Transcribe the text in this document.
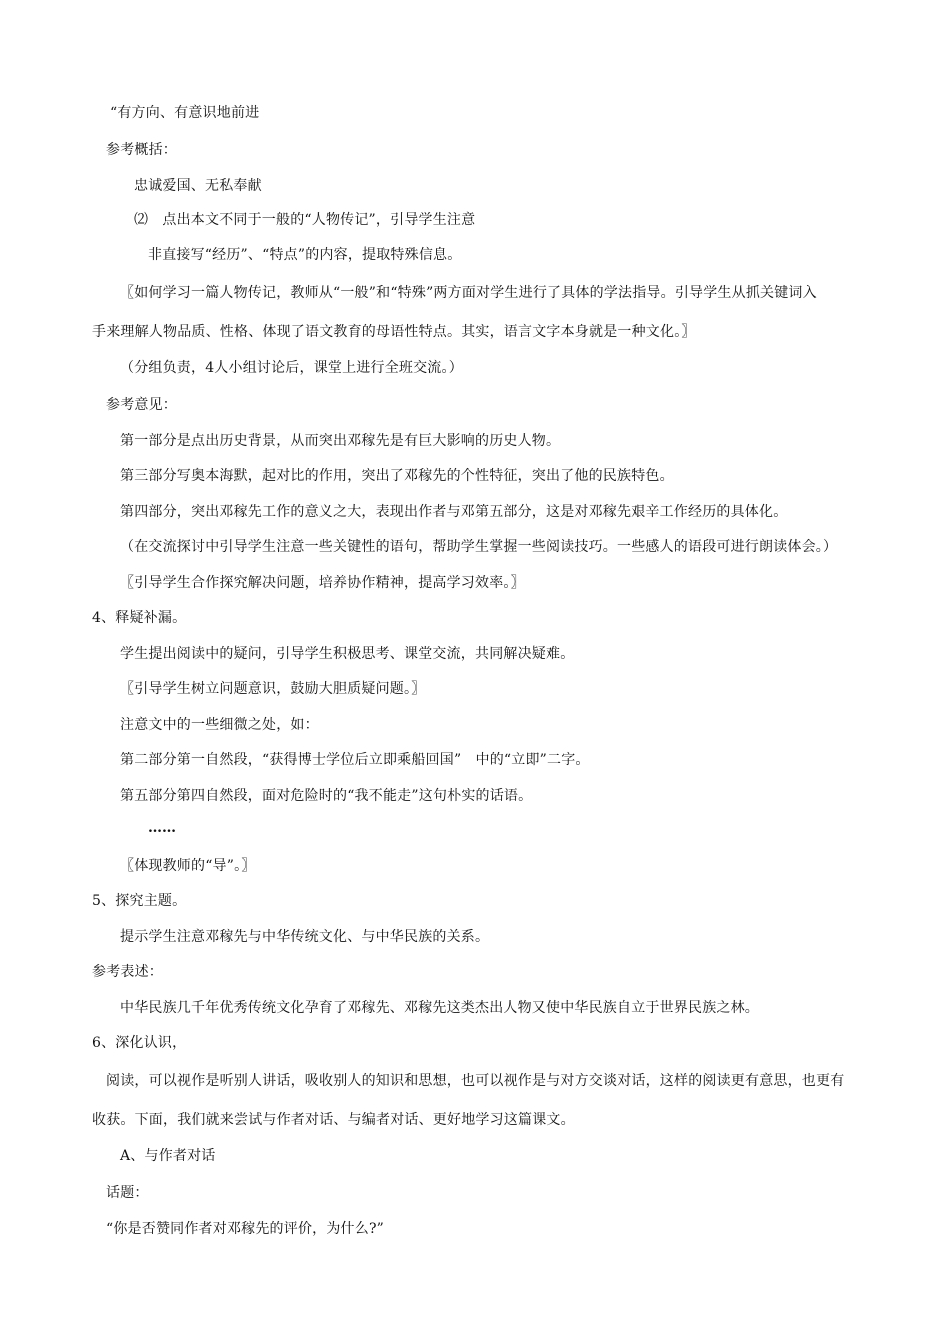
“有方向、有意识地前进
参考概括：
忠诚爱国、无私奉献
⑵　点出本文不同于一般的“人物传记”，引导学生注意
非直接写“经历”、“特点”的内容，提取特殊信息。
〖如何学习一篇人物传记，教师从“一般”和“特殊”两方面对学生进行了具体的学法指导。引导学生从抓关键词入
手来理解人物品质、性格、体现了语文教育的母语性特点。其实，语言文字本身就是一种文化。〗
（分组负责，4人小组讨论后，课堂上进行全班交流。）
参考意见：
第一部分是点出历史背景，从而突出邓稼先是有巨大影响的历史人物。
第三部分写奥本海默，起对比的作用，突出了邓稼先的个性特征，突出了他的民族特色。
第四部分，突出邓稼先工作的意义之大，表现出作者与邓第五部分，这是对邓稼先艰辛工作经历的具体化。
（在交流探讨中引导学生注意一些关键性的语句，帮助学生掌握一些阅读技巧。一些感人的语段可进行朗读体会。）
〖引导学生合作探究解决问题，培养协作精神，提高学习效率。〗
4、释疑补漏。
学生提出阅读中的疑问，引导学生积极思考、课堂交流，共同解决疑难。
〖引导学生树立问题意识，鼓励大胆质疑问题。〗
注意文中的一些细微之处，如：
第二部分第一自然段，“获得博士学位后立即乘船回国”　中的“立即”二字。
第五部分第四自然段，面对危险时的“我不能走”这句朴实的话语。
……
〖体现教师的“导”。〗
5、探究主题。
提示学生注意邓稼先与中华传统文化、与中华民族的关系。
参考表述：
中华民族几千年优秀传统文化孕育了邓稼先、邓稼先这类杰出人物又使中华民族自立于世界民族之林。
6、深化认识，
阅读，可以视作是听别人讲话，吸收别人的知识和思想，也可以视作是与对方交谈对话，这样的阅读更有意思，也更有
收获。下面，我们就来尝试与作者对话、与编者对话、更好地学习这篇课文。
A、与作者对话
话题：
“你是否赞同作者对邓稼先的评价，为什么?”
